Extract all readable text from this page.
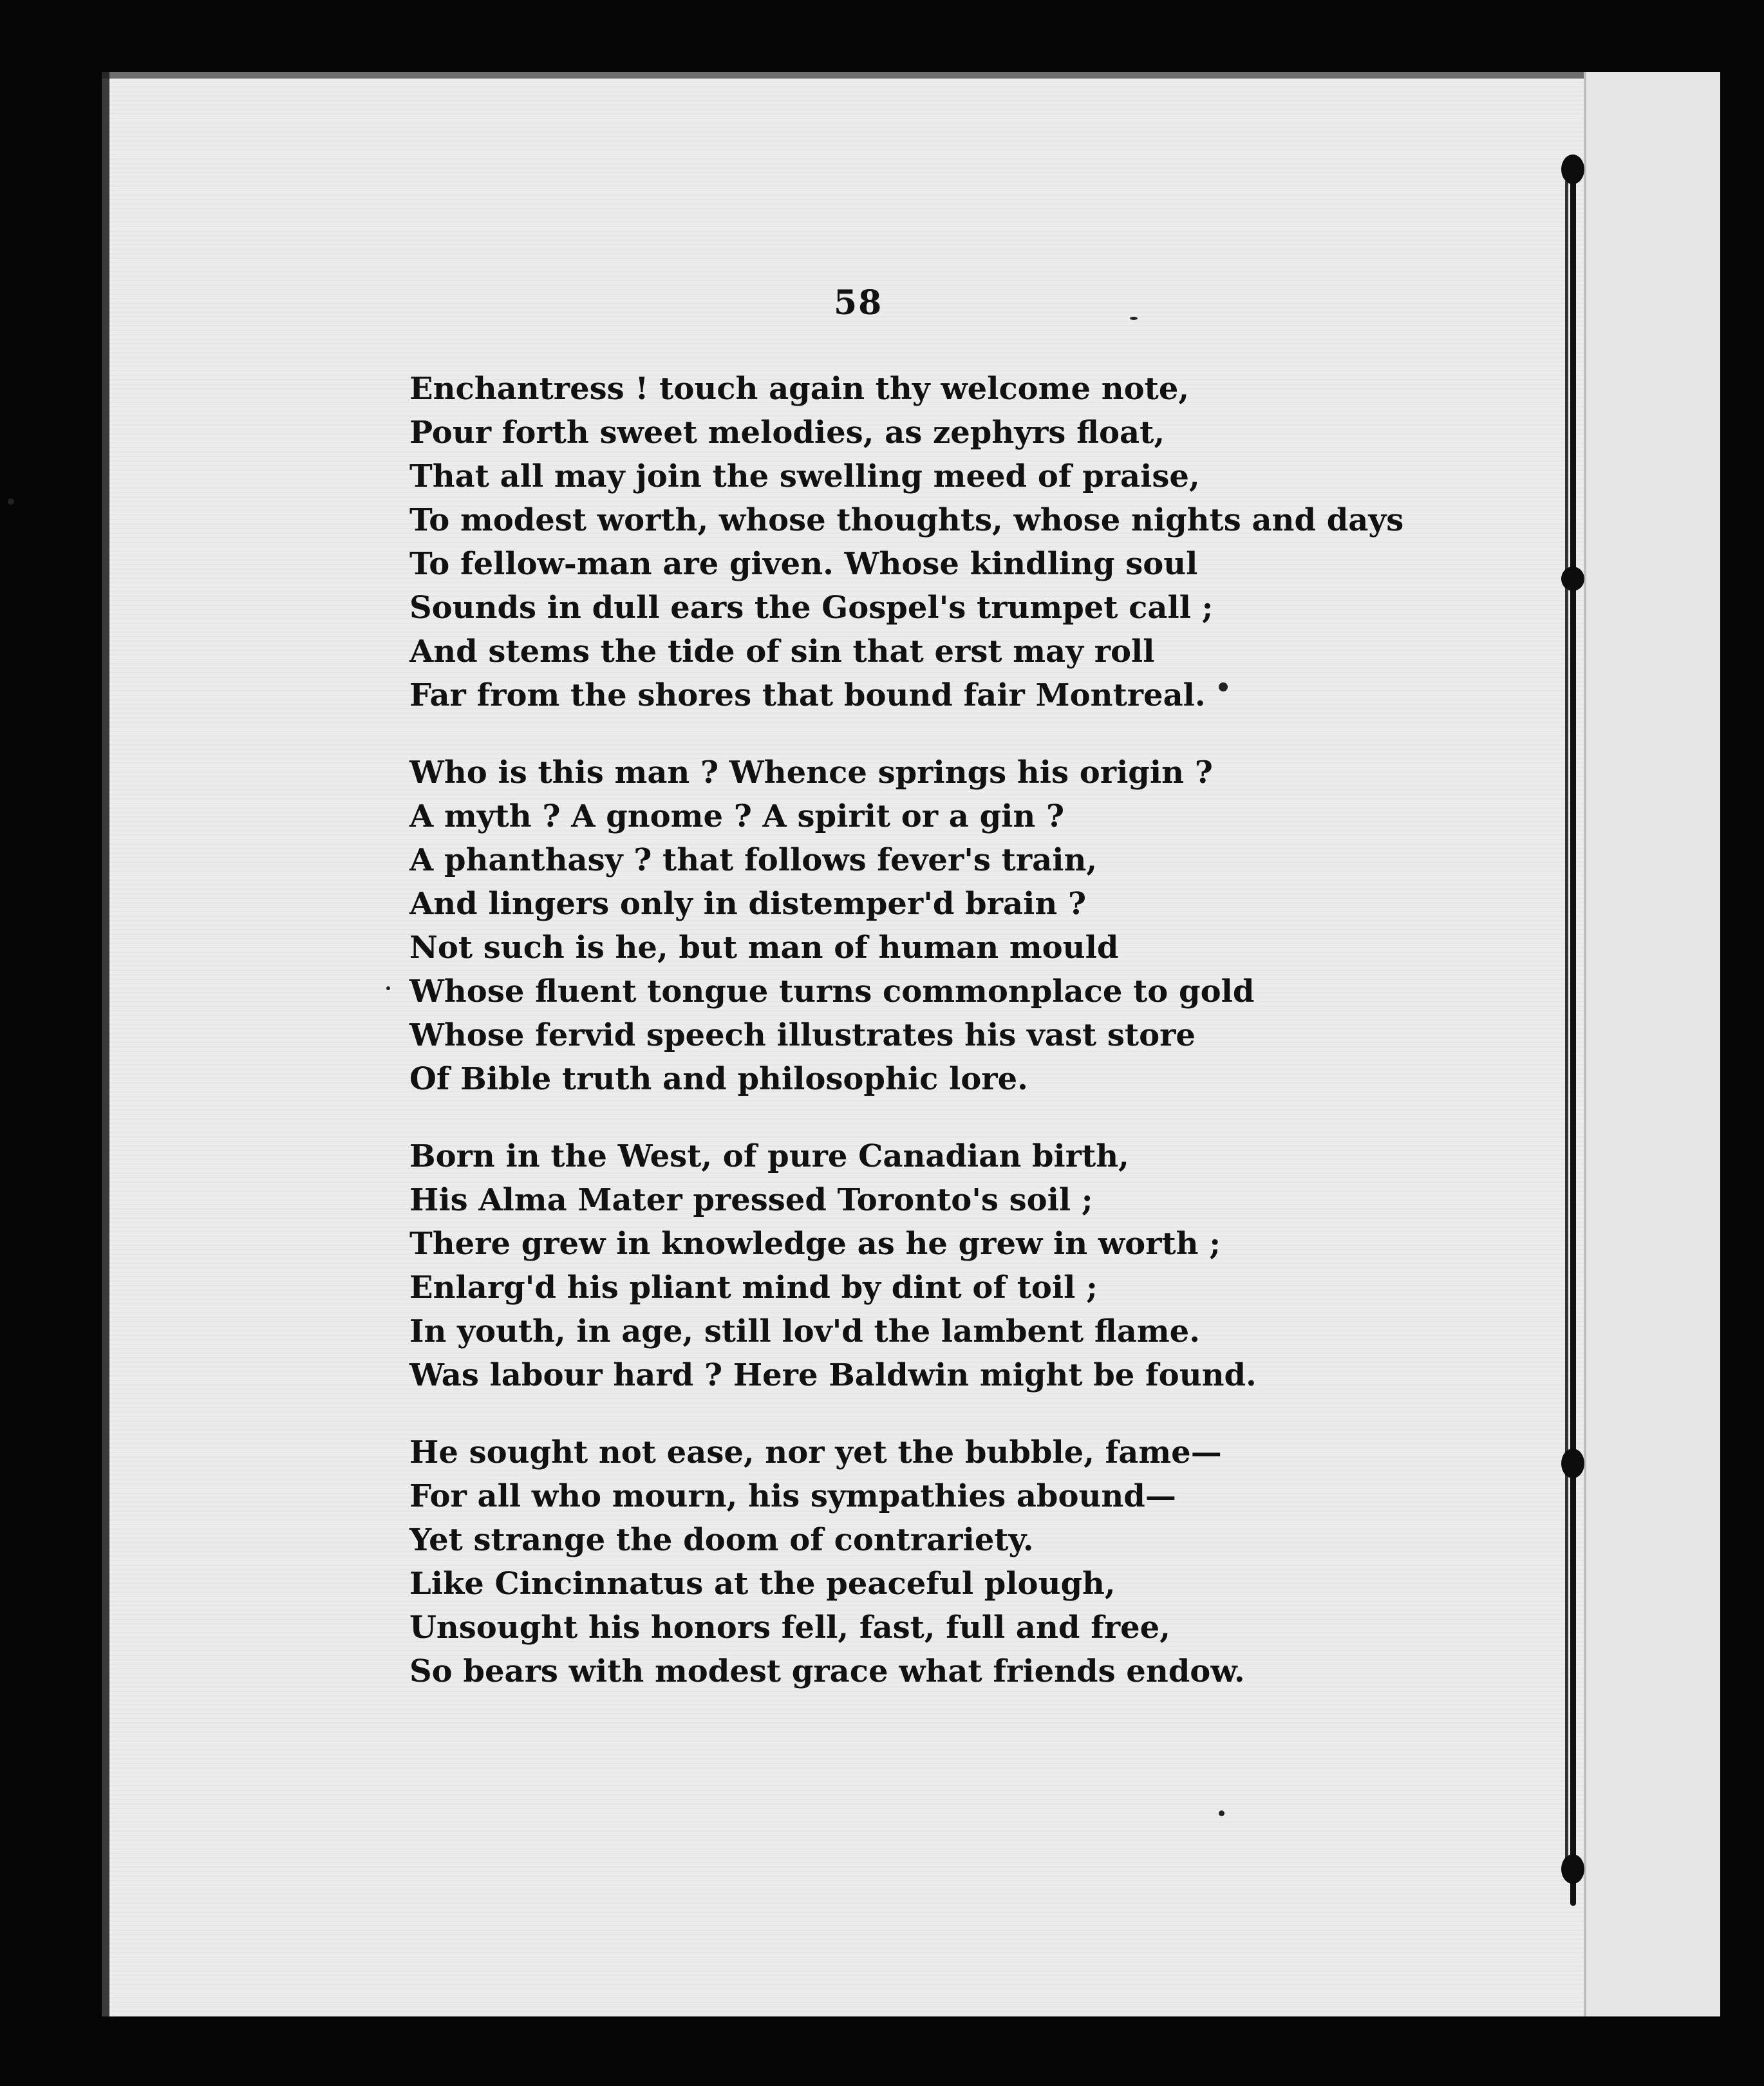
58
Enchantress ! touch again thy welcome note,
Pour forth sweet melodies, as zephyrs float,
That all may join the swelling meed of praise,
To modest worth, whose thoughts, whose nights and days
To fellow-man are given. Whose kindling soul
Sounds in dull ears the Gospel's trumpet call ;
And stems the tide of sin that erst may roll
Far from the shores that bound fair Montreal.
Who is this man ? Whence springs his origin ?
A myth ? A gnome ? A spirit or a gin ?
A phanthasy ? that follows fever's train,
And lingers only in distemper'd brain ?
Not such is he, but man of human mould
Whose fluent tongue turns commonplace to gold
Whose fervid speech illustrates his vast store
Of Bible truth and philosophic lore.
Born in the West, of pure Canadian birth,
His Alma Mater pressed Toronto's soil ;
There grew in knowledge as he grew in worth ;
Enlarg'd his pliant mind by dint of toil ;
In youth, in age, still lov'd the lambent flame.
Was labour hard ? Here Baldwin might be found.
He sought not ease, nor yet the bubble, fame—
For all who mourn, his sympathies abound—
Yet strange the doom of contrariety.
Like Cincinnatus at the peaceful plough,
Unsought his honors fell, fast, full and free,
So bears with modest grace what friends endow.
